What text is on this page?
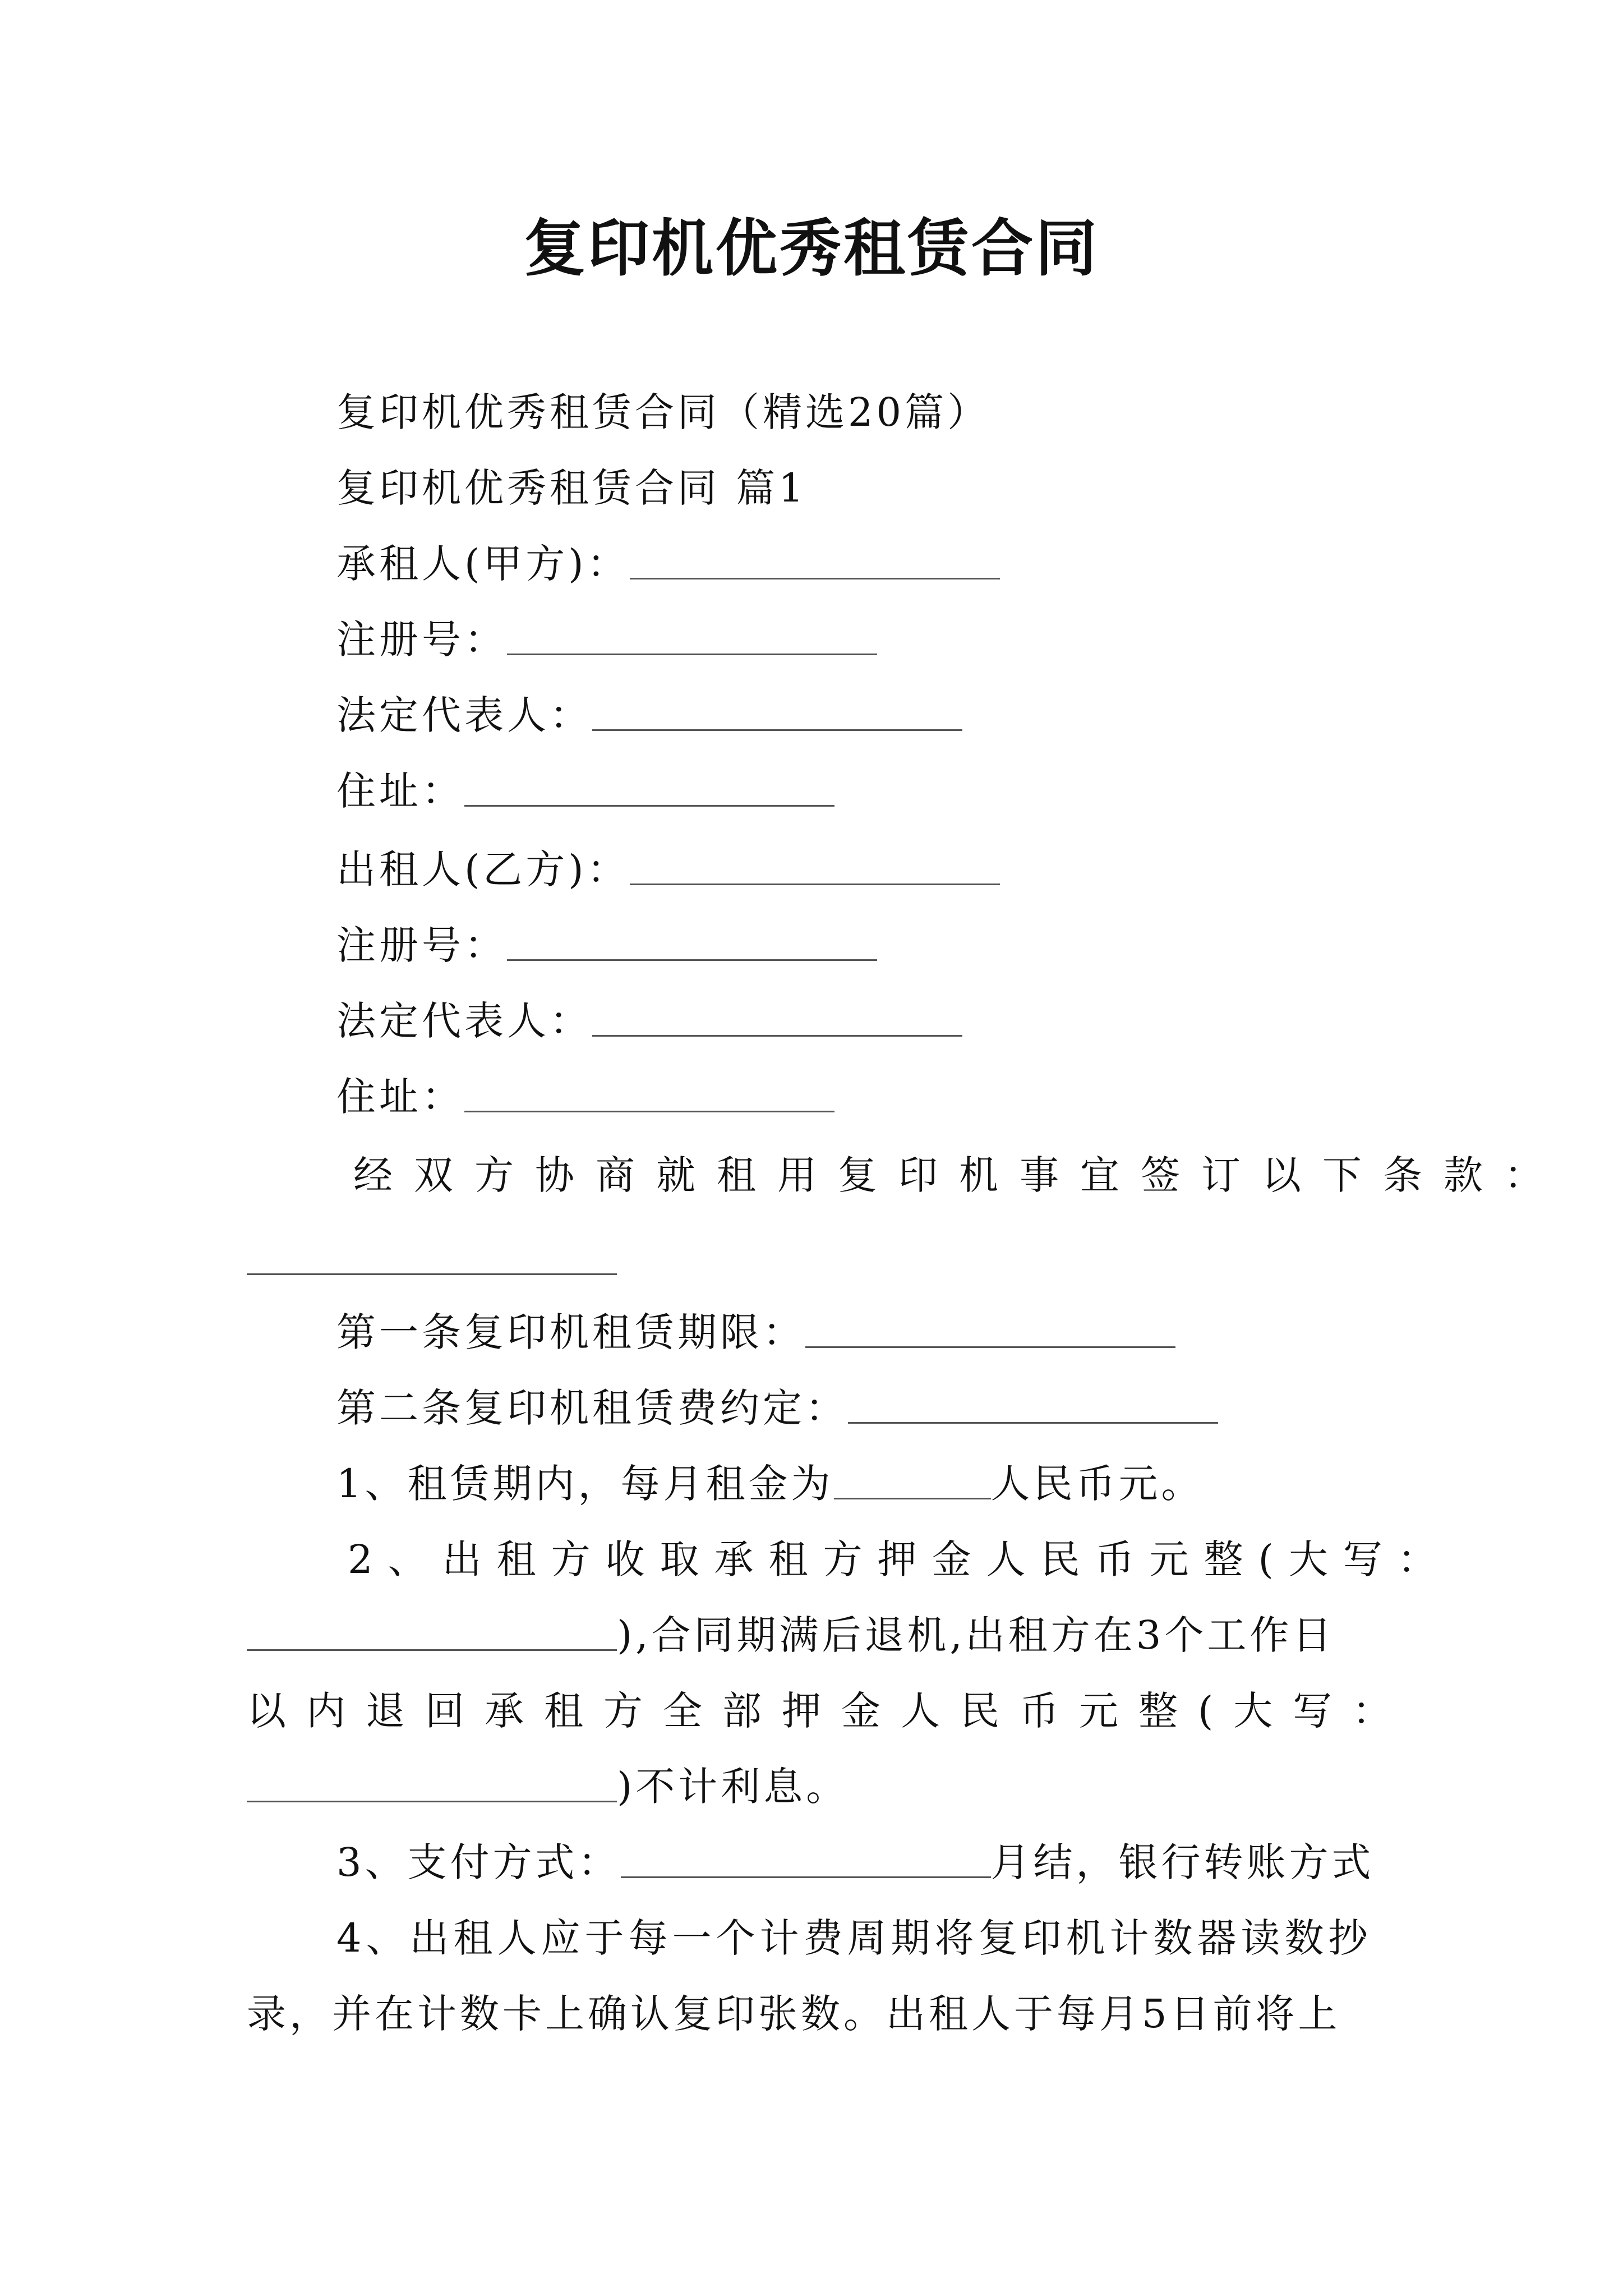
复印机优秀租赁合同
复印机优秀租赁合同（精选20篇）
复印机优秀租赁合同 篇1
承租人(甲方)：
注册号：
法定代表人：
住址：
出租人(乙方)：
注册号：
法定代表人：
住址：
经双方协商就租用复印机事宜签订以下条款：
第一条复印机租赁期限：
第二条复印机租赁费约定：
1、租赁期内，每月租金为	人民币元。
2、出租方收取承租方押金人民币元整(大写：
),合同期满后退机,出租方在3个工作日
以内退回承租方全部押金人民币元整(大写：
)不计利息。
3、支付方式：	月结，银行转账方式
4、出租人应于每一个计费周期将复印机计数器读数抄
录，并在计数卡上确认复印张数。出租人于每月5日前将上
